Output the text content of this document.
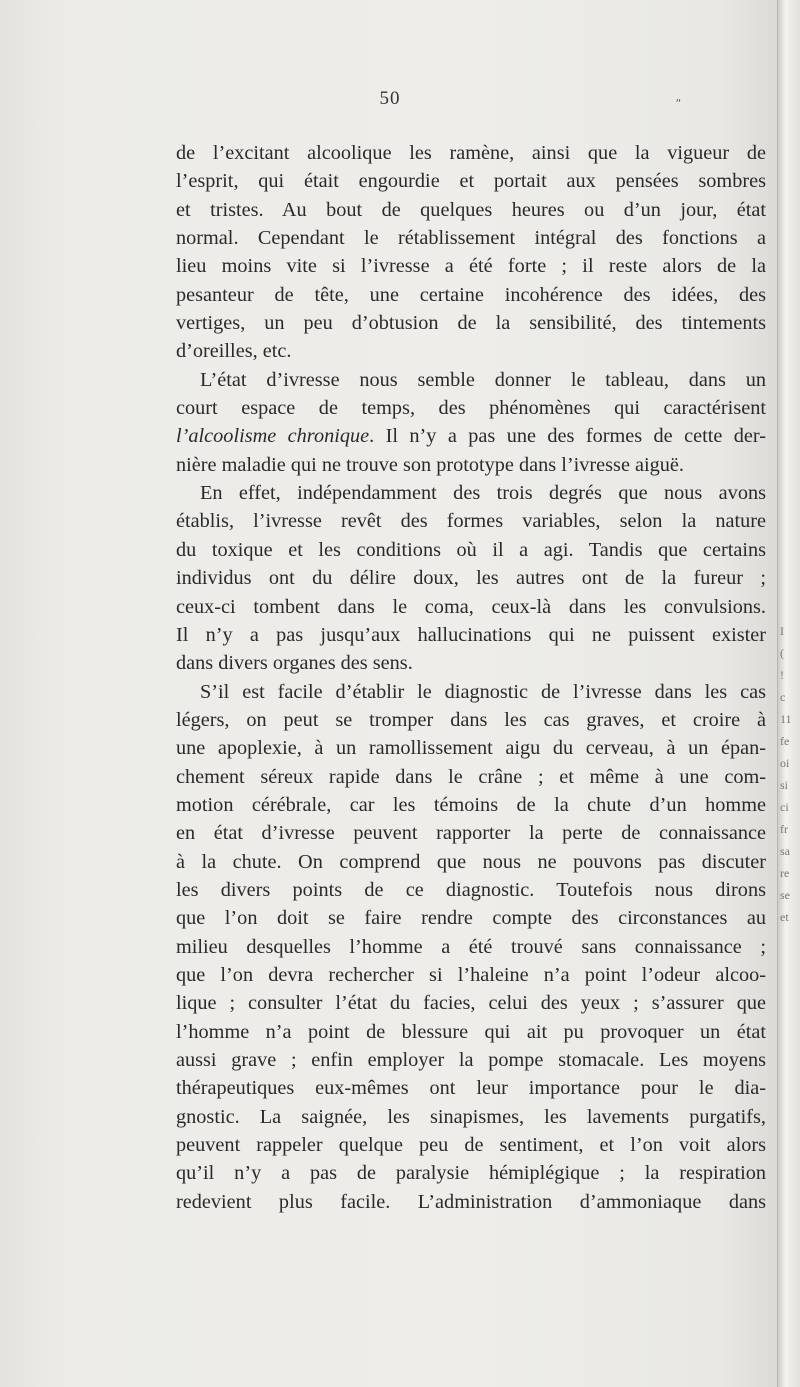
50	ʺ
de l’excitant alcoolique les ramène, ainsi que la vigueur de
l’esprit, qui était engourdie et portait aux pensées sombres
et tristes. Au bout de quelques heures ou d’un jour, état
normal. Cependant le rétablissement intégral des fonctions a
lieu moins vite si l’ivresse a été forte ; il reste alors de la
pesanteur de tête, une certaine incohérence des idées, des
vertiges, un peu d’obtusion de la sensibilité, des tintements
d’oreilles, etc.
L’état d’ivresse nous semble donner le tableau, dans un
court espace de temps, des phénomènes qui caractérisent
l’alcoolisme chronique. Il n’y a pas une des formes de cette der-
nière maladie qui ne trouve son prototype dans l’ivresse aiguë.
En effet, indépendamment des trois degrés que nous avons
établis, l’ivresse revêt des formes variables, selon la nature
du toxique et les conditions où il a agi. Tandis que certains
individus ont du délire doux, les autres ont de la fureur ;
ceux-ci tombent dans le coma, ceux-là dans les convulsions.
Il n’y a pas jusqu’aux hallucinations qui ne puissent exister
dans divers organes des sens.
S’il est facile d’établir le diagnostic de l’ivresse dans les cas
légers, on peut se tromper dans les cas graves, et croire à
une apoplexie, à un ramollissement aigu du cerveau, à un épan-
chement séreux rapide dans le crâne ; et même à une com-
motion cérébrale, car les témoins de la chute d’un homme
en état d’ivresse peuvent rapporter la perte de connaissance
à la chute. On comprend que nous ne pouvons pas discuter
les divers points de ce diagnostic. Toutefois nous dirons
que l’on doit se faire rendre compte des circonstances au
milieu desquelles l’homme a été trouvé sans connaissance ;
que l’on devra rechercher si l’haleine n’a point l’odeur alcoo-
lique ; consulter l’état du facies, celui des yeux ; s’assurer que
l’homme n’a point de blessure qui ait pu provoquer un état
aussi grave ; enfin employer la pompe stomacale. Les moyens
thérapeutiques eux-mêmes ont leur importance pour le dia-
gnostic. La saignée, les sinapismes, les lavements purgatifs,
peuvent rappeler quelque peu de sentiment, et l’on voit alors
qu’il n’y a pas de paralysie hémiplégique ; la respiration
redevient plus facile. L’administration d’ammoniaque dans
I
(
!
c
11
fe
oi
si
ci
fr
sa
re
se
et
